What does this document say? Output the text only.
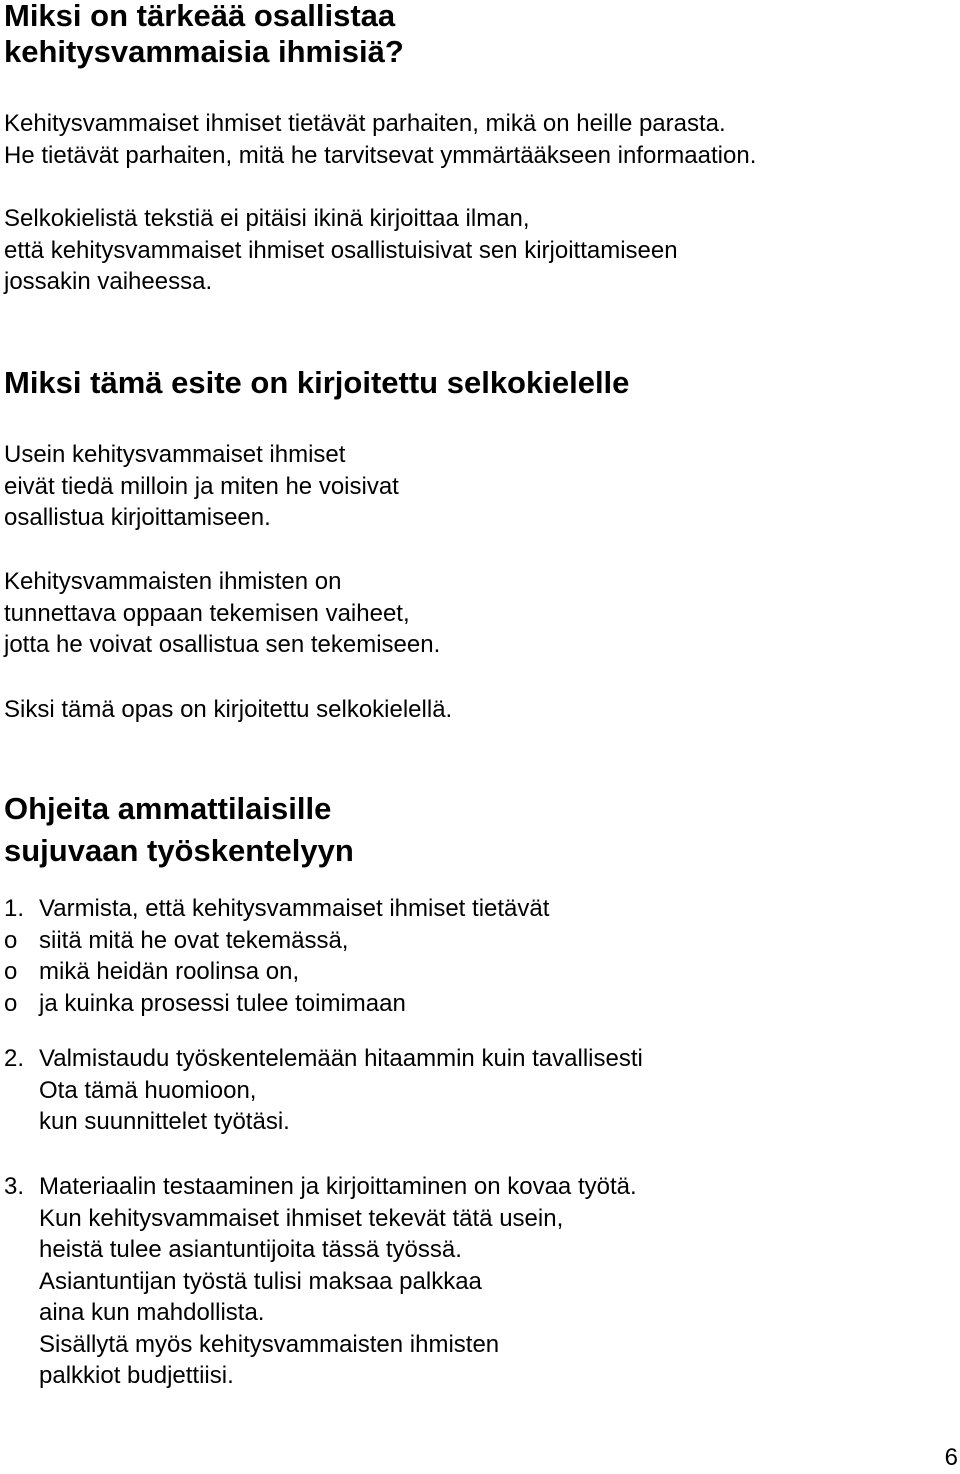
Miksi on tärkeää osallistaa
kehitysvammaisia ihmisiä?

Kehitysvammaiset ihmiset tietävät parhaiten, mikä on heille parasta.
He tietävät parhaiten, mitä he tarvitsevat ymmärtääkseen informaation.

Selkokielistä tekstiä ei pitäisi ikinä kirjoittaa ilman,
että kehitysvammaiset ihmiset osallistuisivat sen kirjoittamiseen
jossakin vaiheessa.

Miksi tämä esite on kirjoitettu selkokielelle

Usein kehitysvammaiset ihmiset
eivät tiedä milloin ja miten he voisivat
osallistua kirjoittamiseen.

Kehitysvammaisten ihmisten on
tunnettava oppaan tekemisen vaiheet,
jotta he voivat osallistua sen tekemiseen.

Siksi tämä opas on kirjoitettu selkokielellä.

Ohjeita ammattilaisille
sujuvaan työskentelyyn
1. Varmista, että kehitysvammaiset ihmiset tietävät
o siitä mitä he ovat tekemässä,
o mikä heidän roolinsa on,
o ja kuinka prosessi tulee toimimaan
2. Valmistaudu työskentelemään hitaammin kuin tavallisesti
Ota tämä huomioon,
kun suunnittelet työtäsi.
3. Materiaalin testaaminen ja kirjoittaminen on kovaa työtä.
Kun kehitysvammaiset ihmiset tekevät tätä usein,
heistä tulee asiantuntijoita tässä työssä.
Asiantuntijan työstä tulisi maksaa palkkaa
aina kun mahdollista.
Sisällytä myös kehitysvammaisten ihmisten
palkkiot budjettiisi.
6
